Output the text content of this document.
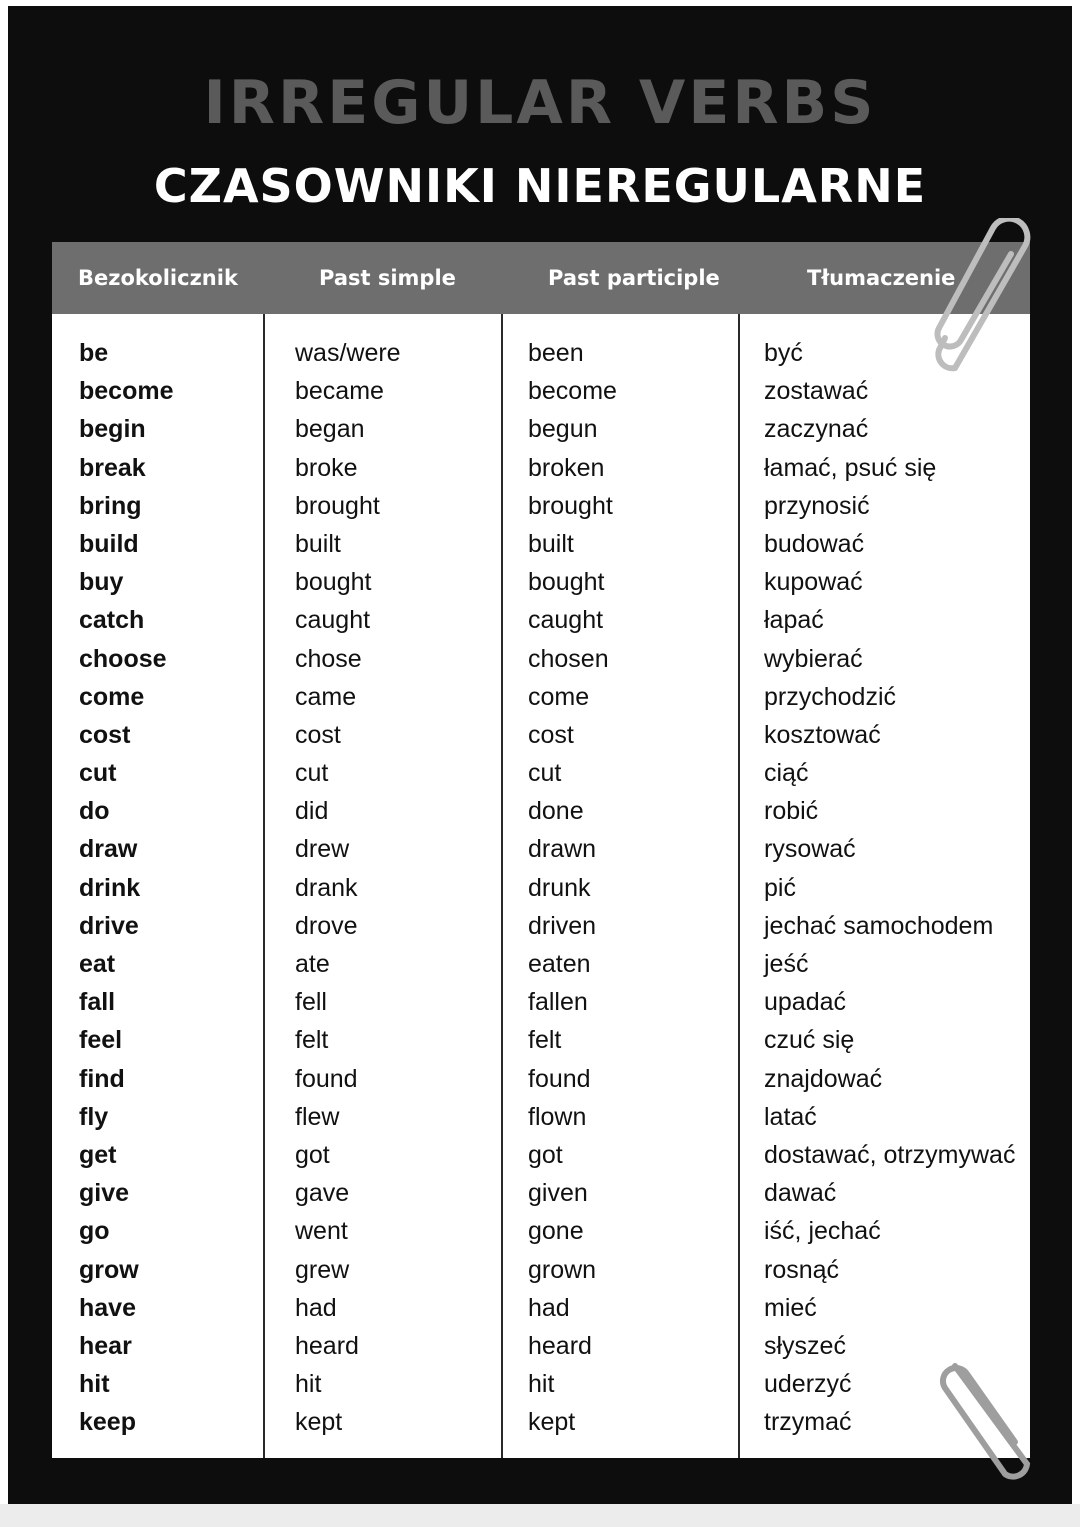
IRREGULAR VERBS
CZASOWNIKI NIEREGULARNE
Bezokolicznik	Past simple	Past participle	Tłumaczenie
be	was/were	been	być
become	became	become	zostawać
begin	began	begun	zaczynać
break	broke	broken	łamać, psuć się
bring	brought	brought	przynosić
build	built	built	budować
buy	bought	bought	kupować
catch	caught	caught	łapać
choose	chose	chosen	wybierać
come	came	come	przychodzić
cost	cost	cost	kosztować
cut	cut	cut	ciąć
do	did	done	robić
draw	drew	drawn	rysować
drink	drank	drunk	pić
drive	drove	driven	jechać samochodem
eat	ate	eaten	jeść
fall	fell	fallen	upadać
feel	felt	felt	czuć się
find	found	found	znajdować
fly	flew	flown	latać
get	got	got	dostawać, otrzymywać
give	gave	given	dawać
go	went	gone	iść, jechać
grow	grew	grown	rosnąć
have	had	had	mieć
hear	heard	heard	słyszeć
hit	hit	hit	uderzyć
keep	kept	kept	trzymać
